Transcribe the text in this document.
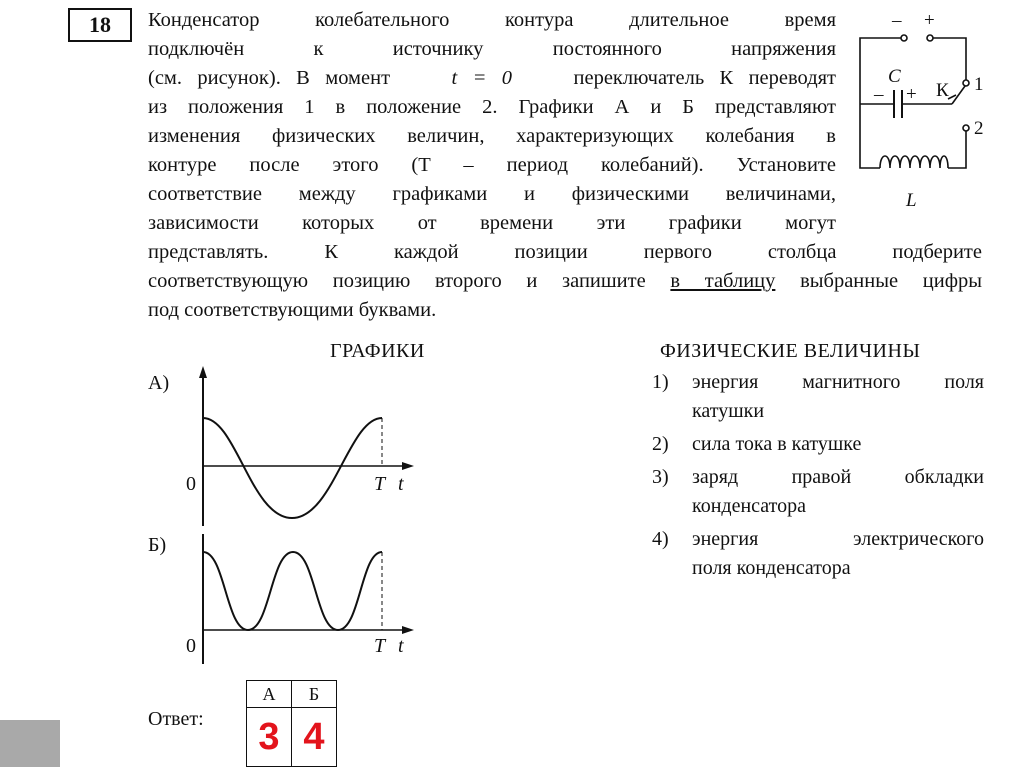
18 Конденсатор колебательного контура длительное время
подключён к источнику постоянного напряжения
(см. рисунок). В момент	t = 0	переключатель К переводят
из положения 1 в положение 2. Графики А и Б представляют
изменения физических величин, характеризующих колебания в
контуре после этого (T – период колебаний). Установите
соответствие между графиками и физическими величинами,
зависимости которых от времени эти графики могут
представлять. К каждой позиции первого столбца подберите
соответствующую позицию второго и запишите в таблицу выбранные цифры
под соответствующими буквами.
– +
C
– + К 1
2
L
ГРАФИКИ	ФИЗИЧЕСКИЕ ВЕЛИЧИНЫ
А)
0	T t
Б)
0	T t
1)	энергия магнитного поля
катушки
2)	сила тока в катушке
3)	заряд правой обкладки
конденсатора
4)	энергия электрического
поля конденсатора
Ответ:
А	Б
3	4
